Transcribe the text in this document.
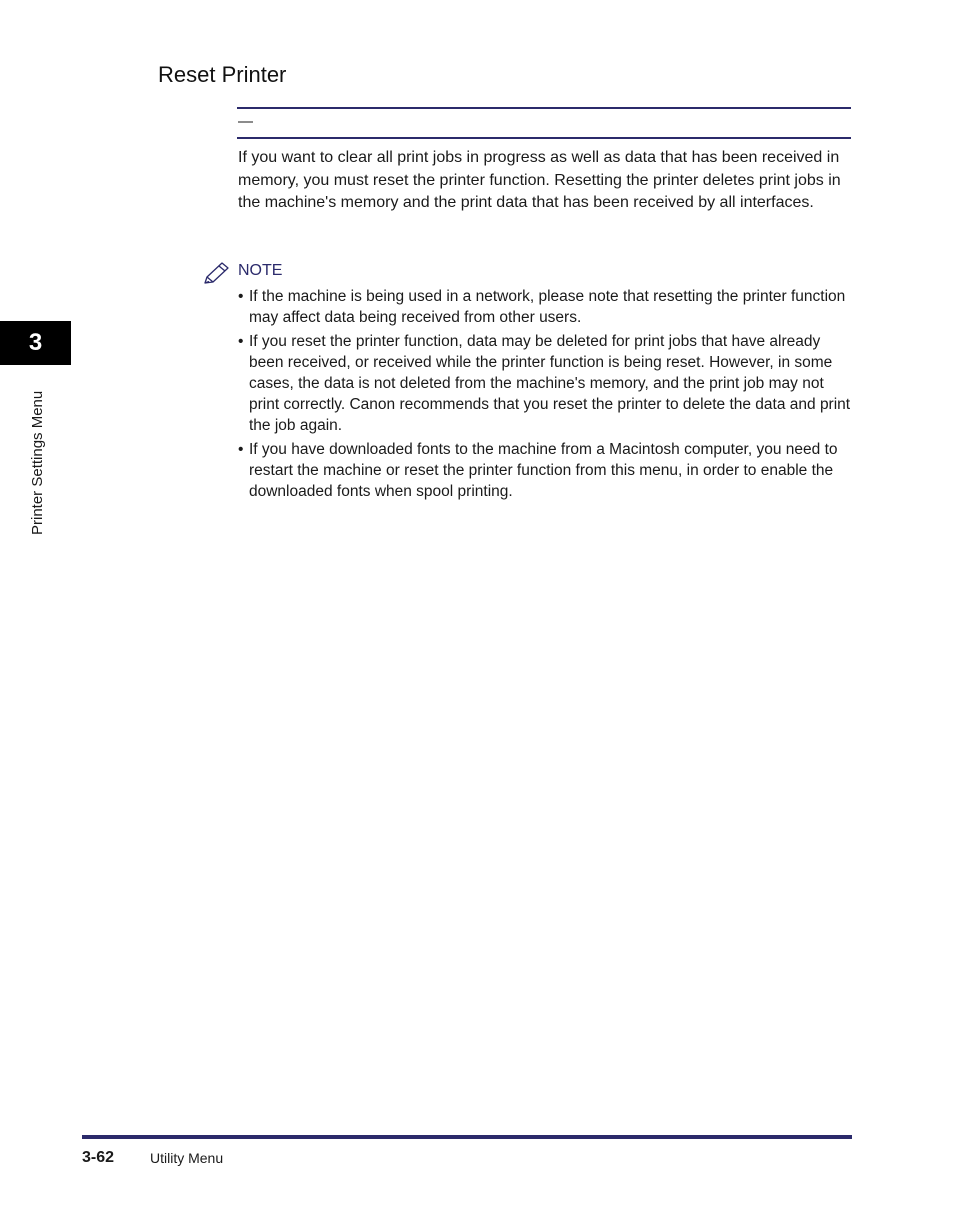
Reset Printer
—

If you want to clear all print jobs in progress as well as data that has been received in memory, you must reset the printer function. Resetting the printer deletes print jobs in the machine's memory and the print data that has been received by all interfaces.

NOTE
• If the machine is being used in a network, please note that resetting the printer function may affect data being received from other users.
• If you reset the printer function, data may be deleted for print jobs that have already been received, or received while the printer function is being reset. However, in some cases, the data is not deleted from the machine's memory, and the print job may not print correctly. Canon recommends that you reset the printer to delete the data and print the job again.
• If you have downloaded fonts to the machine from a Macintosh computer, you need to restart the machine or reset the printer function from this menu, in order to enable the downloaded fonts when spool printing.
3
Printer Settings Menu
3-62	Utility Menu
